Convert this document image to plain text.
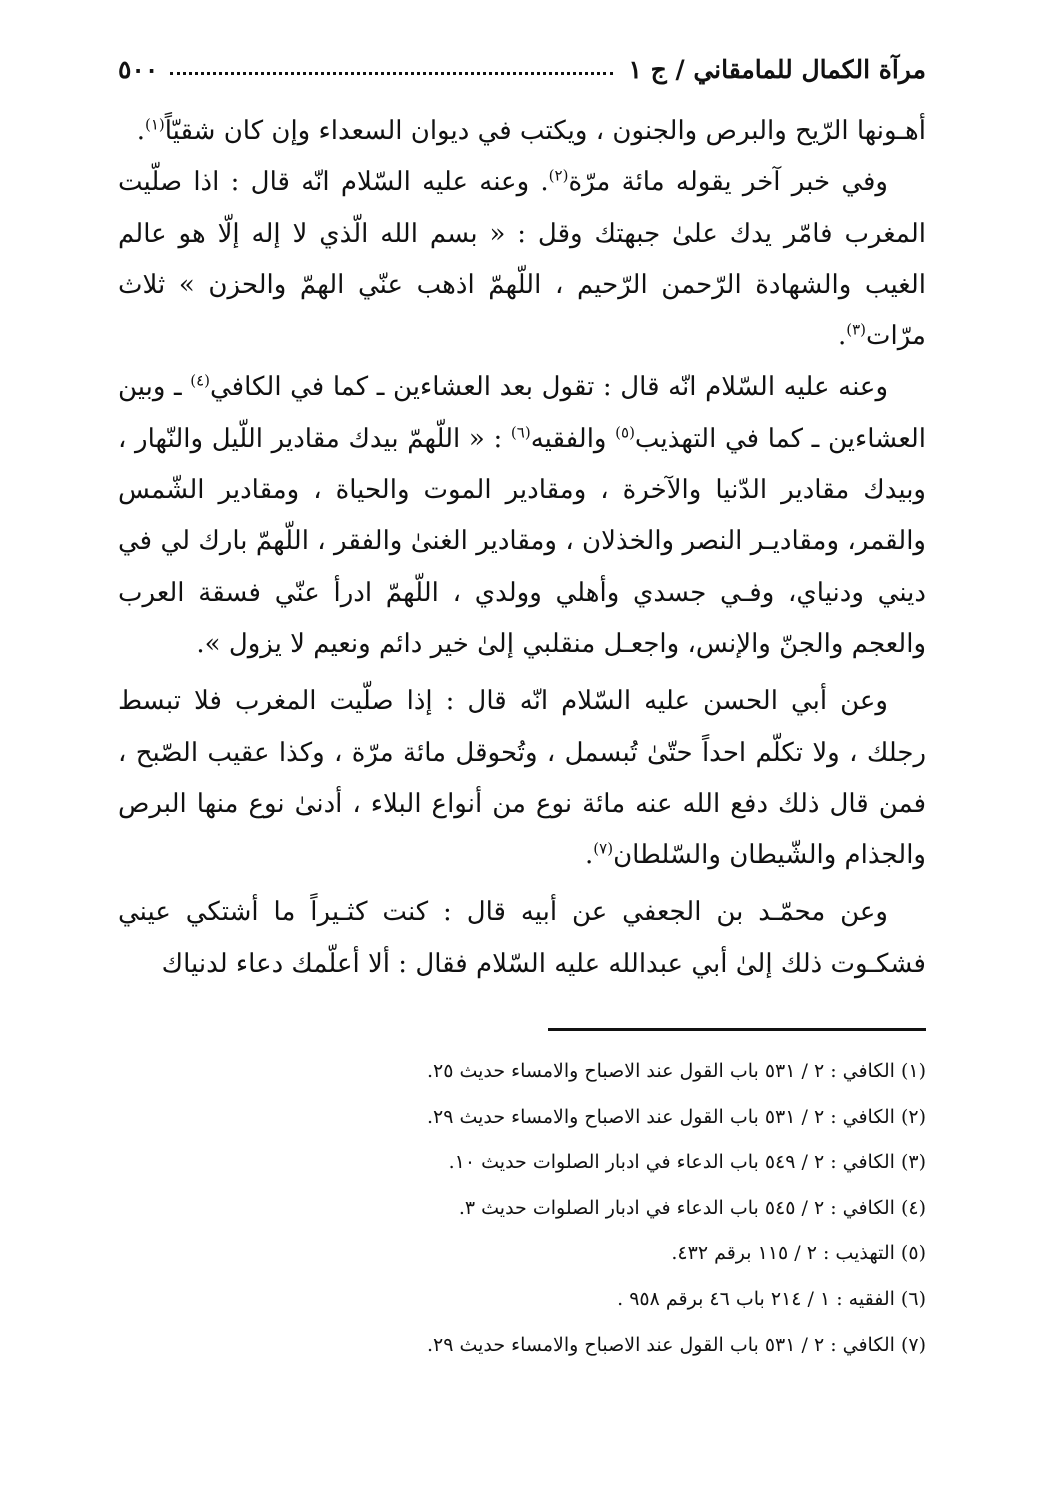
مرآة الكمال للمامقاني / ج ١
٥٠٠

أهـونها الرّيح والبرص والجنون ، ويكتب في ديوان السعداء وإن كان شقيّاً$^{(١)}$.

وفي خبر آخر يقوله مائة مرّة$^{(٢)}$. وعنه عليه السّلام انّه قال : اذا صلّيت المغرب فامّر يدك علىٰ جبهتك وقل : « بسم الله الّذي لا إله إلّا هو عالم الغيب والشهادة الرّحمن الرّحيم ، اللّهمّ اذهب عنّي الهمّ والحزن » ثلاث مرّات$^{(٣)}$.

وعنه عليه السّلام انّه قال : تقول بعد العشاءين ـ كما في الكافي$^{(٤)}$ ـ وبين العشاءين ـ كما في التهذيب$^{(٥)}$ والفقيه$^{(٦)}$ : « اللّهمّ بيدك مقادير اللّيل والنّهار ، وبيدك مقادير الدّنيا والآخرة ، ومقادير الموت والحياة ، ومقادير الشّمس والقمر، ومقاديـر النصر والخذلان ، ومقادير الغنىٰ والفقر ، اللّهمّ بارك لي في ديني ودنياي، وفـي جسدي وأهلي وولدي ، اللّهمّ ادرأ عنّي فسقة العرب والعجم والجنّ والإنس، واجعـل منقلبي إلىٰ خير دائم ونعيم لا يزول ».

وعن أبي الحسن عليه السّلام انّه قال : إذا صلّيت المغرب فلا تبسط رجلك ، ولا تكلّم احداً حتّىٰ تُبسمل ، وتُحوقل مائة مرّة ، وكذا عقيب الصّبح ، فمن قال ذلك دفع الله عنه مائة نوع من أنواع البلاء ، أدنىٰ نوع منها البرص والجذام والشّيطان والسّلطان$^{(٧)}$.

وعن محمّـد بن الجعفي عن أبيه قال : كنت كثـيراً ما أشتكي عيني فشكـوت ذلك إلىٰ أبي عبدالله عليه السّلام فقال : ألا أعلّمك دعاء لدنياك

(١) الكافي : ٢ / ٥٣١ باب القول عند الاصباح والامساء حديث ٢٥.

(٢) الكافي : ٢ / ٥٣١ باب القول عند الاصباح والامساء حديث ٢٩.

(٣) الكافي : ٢ / ٥٤٩ باب الدعاء في ادبار الصلوات حديث ١٠.

(٤) الكافي : ٢ / ٥٤٥ باب الدعاء في ادبار الصلوات حديث ٣.

(٥) التهذيب : ٢ / ١١٥ برقم ٤٣٢.

(٦) الفقيه : ١ / ٢١٤ باب ٤٦ برقم ٩٥٨ .

(٧) الكافي : ٢ / ٥٣١ باب القول عند الاصباح والامساء حديث ٢٩.
